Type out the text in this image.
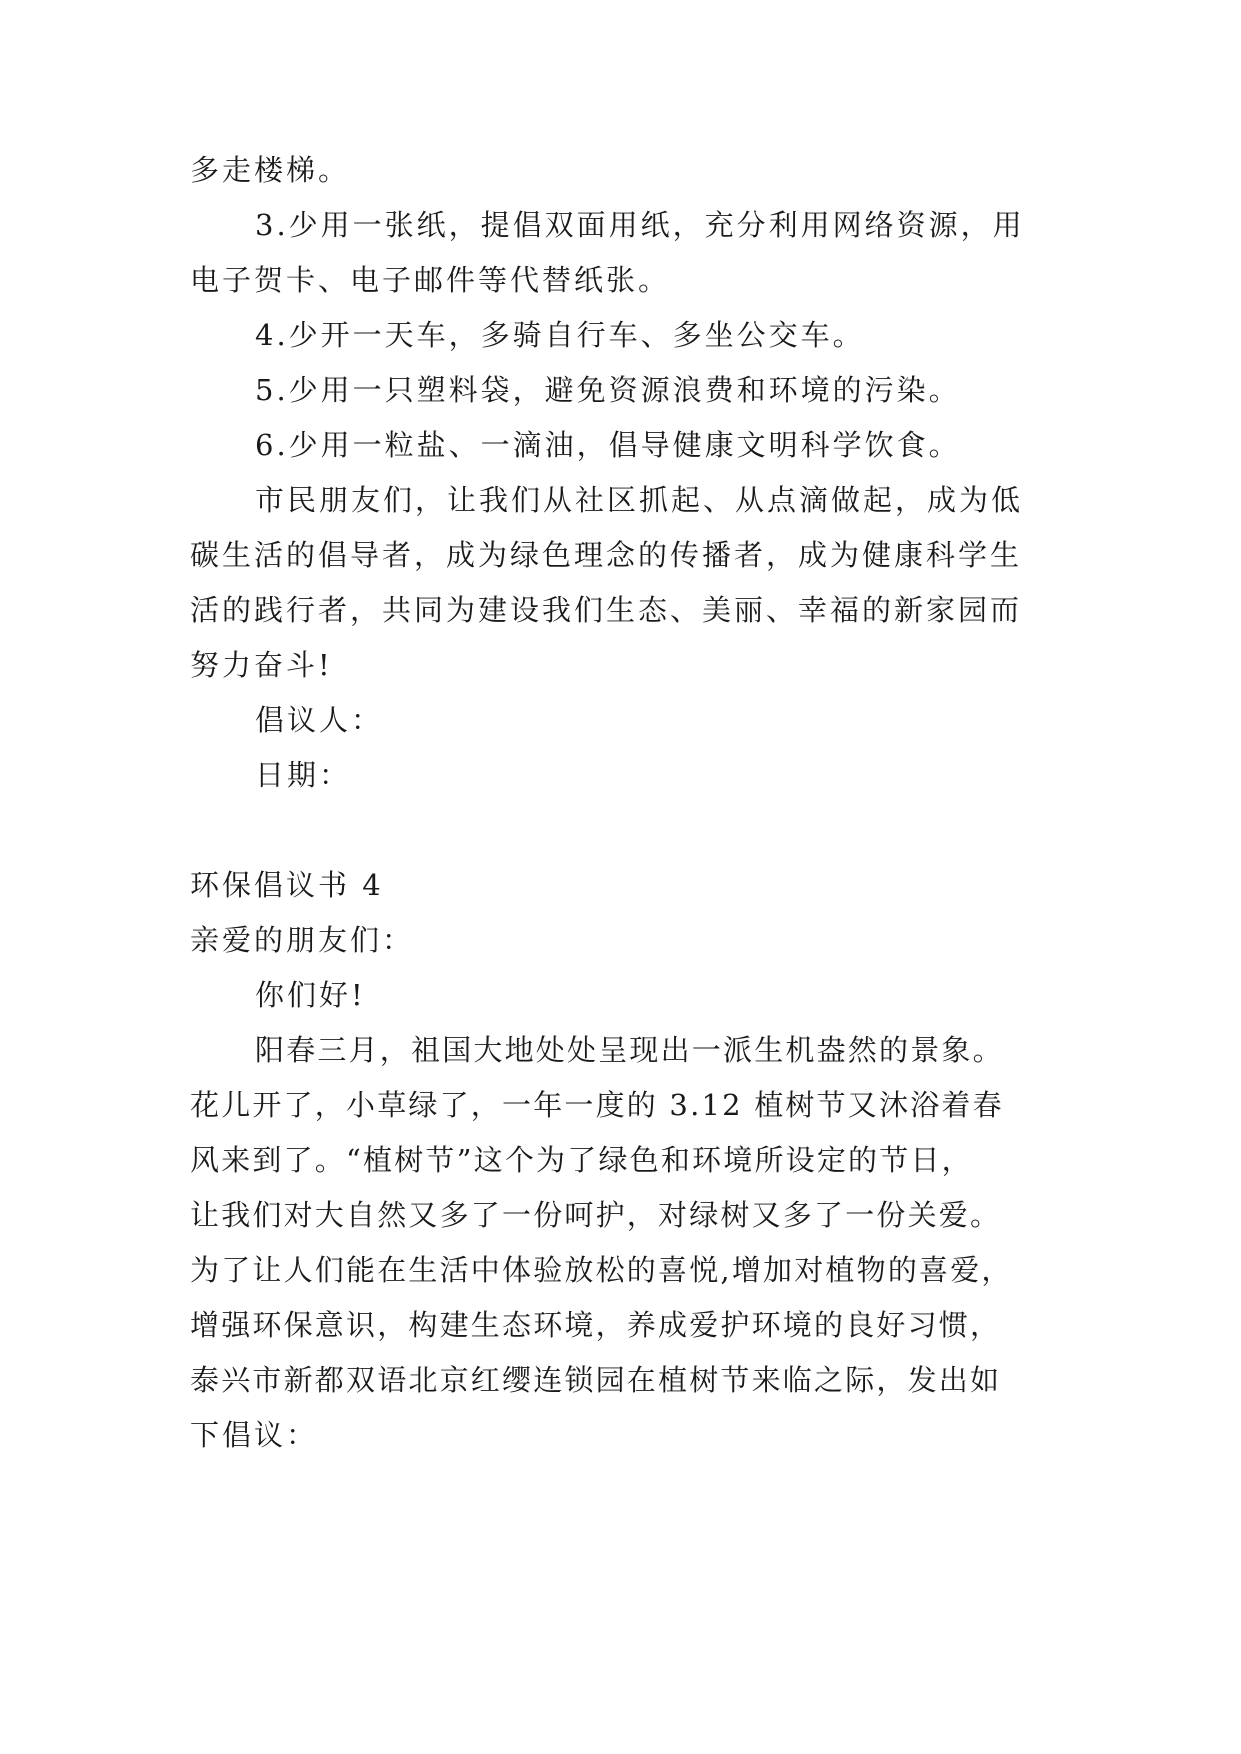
多走楼梯。
3.少用一张纸，提倡双面用纸，充分利用网络资源，用
电子贺卡、电子邮件等代替纸张。
4.少开一天车，多骑自行车、多坐公交车。
5.少用一只塑料袋，避免资源浪费和环境的污染。
6.少用一粒盐、一滴油，倡导健康文明科学饮食。
市民朋友们，让我们从社区抓起、从点滴做起，成为低
碳生活的倡导者，成为绿色理念的传播者，成为健康科学生
活的践行者，共同为建设我们生态、美丽、幸福的新家园而
努力奋斗!
倡议人：
日期：
环保倡议书 4
亲爱的朋友们：
你们好!
阳春三月，祖国大地处处呈现出一派生机盎然的景象。
花儿开了，小草绿了，一年一度的 3.12 植树节又沐浴着春
风来到了。“植树节”这个为了绿色和环境所设定的节日，
让我们对大自然又多了一份呵护，对绿树又多了一份关爱。
为了让人们能在生活中体验放松的喜悦,增加对植物的喜爱，
增强环保意识，构建生态环境，养成爱护环境的良好习惯，
泰兴市新都双语北京红缨连锁园在植树节来临之际，发出如
下倡议：
